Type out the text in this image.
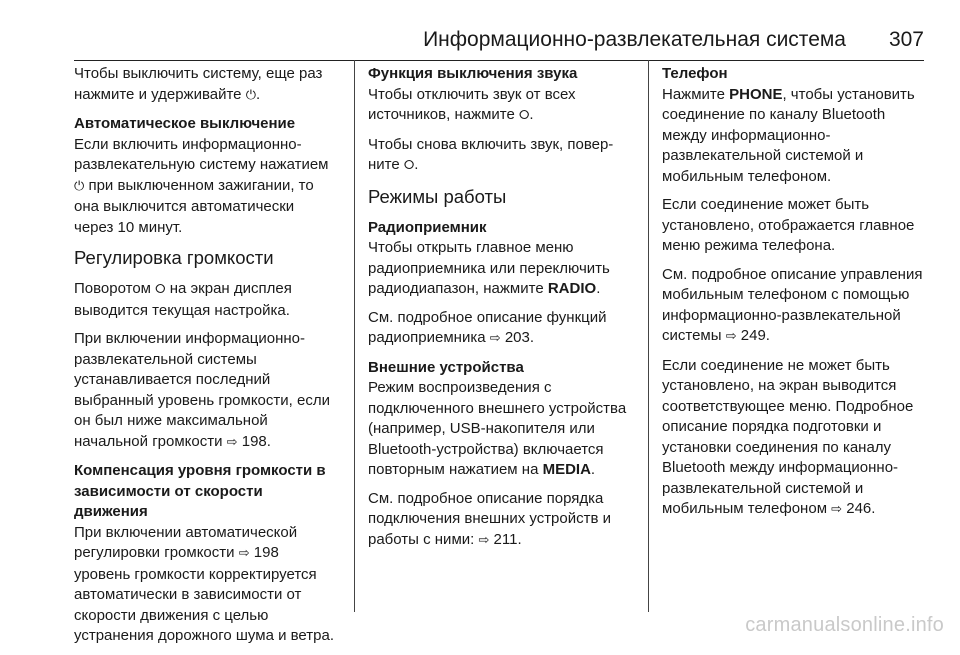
Информационно-развлекательная система 307

Чтобы выключить систему, еще раз нажмите и удерживайте ⏻.

Автоматическое выключение

Если включить информационно-развлекательную систему нажатием ⏻ при выключенном зажигании, то она выключится автоматически через 10 минут.

Регулировка громкости

Поворотом ⭘ на экран дисплея выводится текущая настройка.

При включении информационно-развлекательной системы устанавливается последний выбранный уровень громкости, если он был ниже максимальной начальной громкости ⇨ 198.

Компенсация уровня громкости в зависимости от скорости движения

При включении автоматической регулировки громкости ⇨ 198 уровень громкости корректируется автоматически в зависимости от скорости движения с целью устранения дорожного шума и ветра.

Функция выключения звука

Чтобы отключить звук от всех источников, нажмите ⭘.

Чтобы снова включить звук, повер- ните ⭘.

Режимы работы

Радиоприемник

Чтобы открыть главное меню радиоприемника или переключить радиодиапазон, нажмите RADIO.

См. подробное описание функций радиоприемника ⇨ 203.

Внешние устройства

Режим воспроизведения с подключенного внешнего устройства (например, USB-накопителя или Bluetooth-устройства) включается повторным нажатием на MEDIA.

См. подробное описание порядка подключения внешних устройств и работы с ними: ⇨ 211.

Телефон

Нажмите PHONE, чтобы установить соединение по каналу Bluetooth между информационно-развлекательной системой и мобильным телефоном.

Если соединение может быть установлено, отображается главное меню режима телефона.

См. подробное описание управления мобильным телефоном с помощью информационно-развлекательной системы ⇨ 249.

Если соединение не может быть установлено, на экран выводится соответствующее меню. Подробное описание порядка подготовки и установки соединения по каналу Bluetooth между информационно-развлекательной системой и мобильным телефоном ⇨ 246.

carmanualsonline.info
